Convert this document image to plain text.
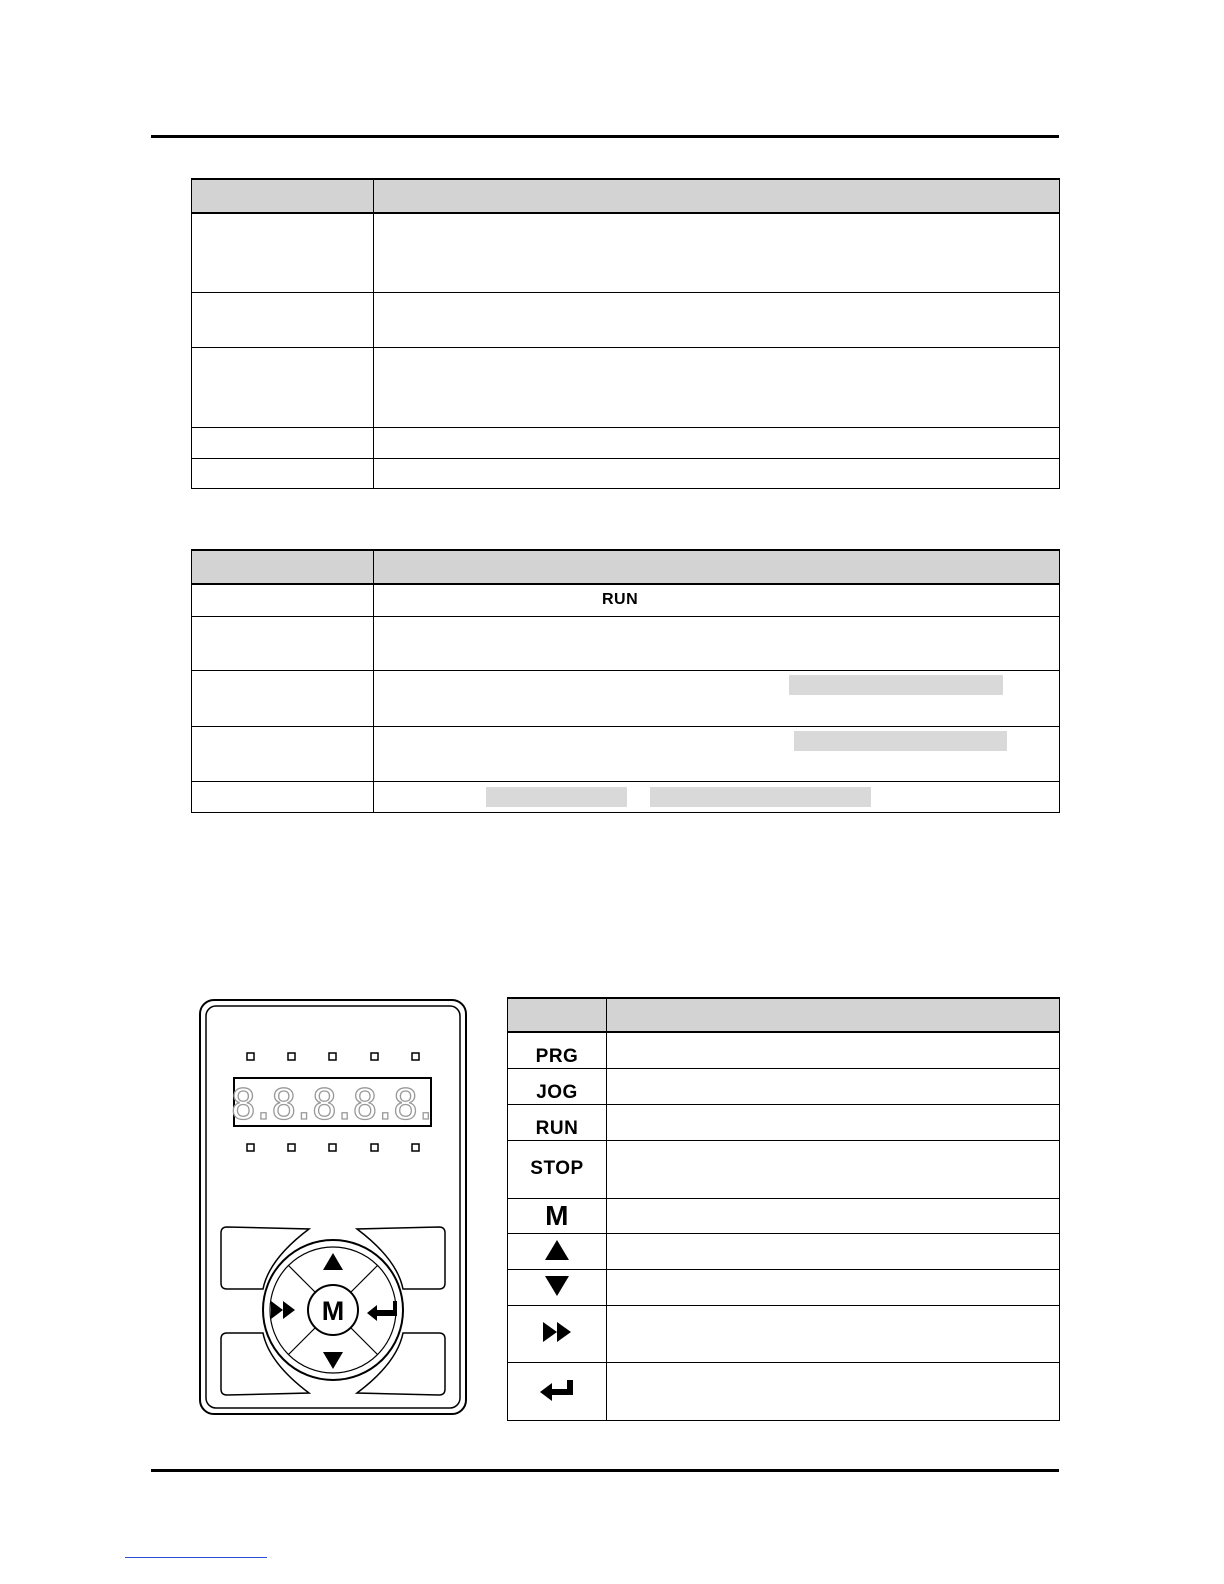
	RUN

8.8.8.8.8.
M

PRG	
JOG	
RUN	
STOP	
M	
